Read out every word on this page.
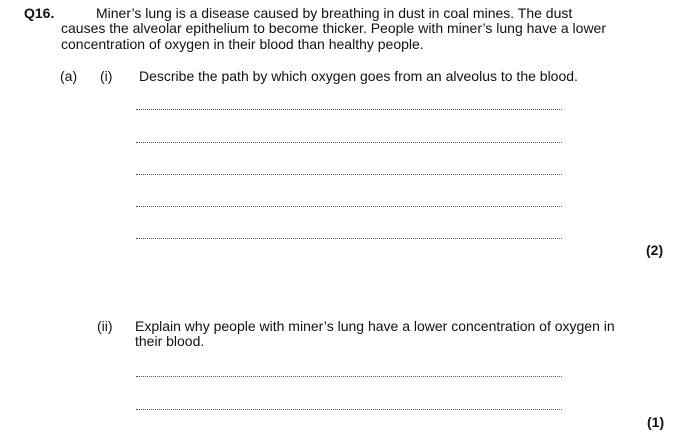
Q16.	Miner’s lung is a disease caused by breathing in dust in coal mines. The dust
causes the alveolar epithelium to become thicker. People with miner’s lung have a lower
concentration of oxygen in their blood than healthy people.
(a) (i) Describe the path by which oxygen goes from an alveolus to the blood.
(2)
(ii) Explain why people with miner’s lung have a lower concentration of oxygen in
their blood.
(1)
